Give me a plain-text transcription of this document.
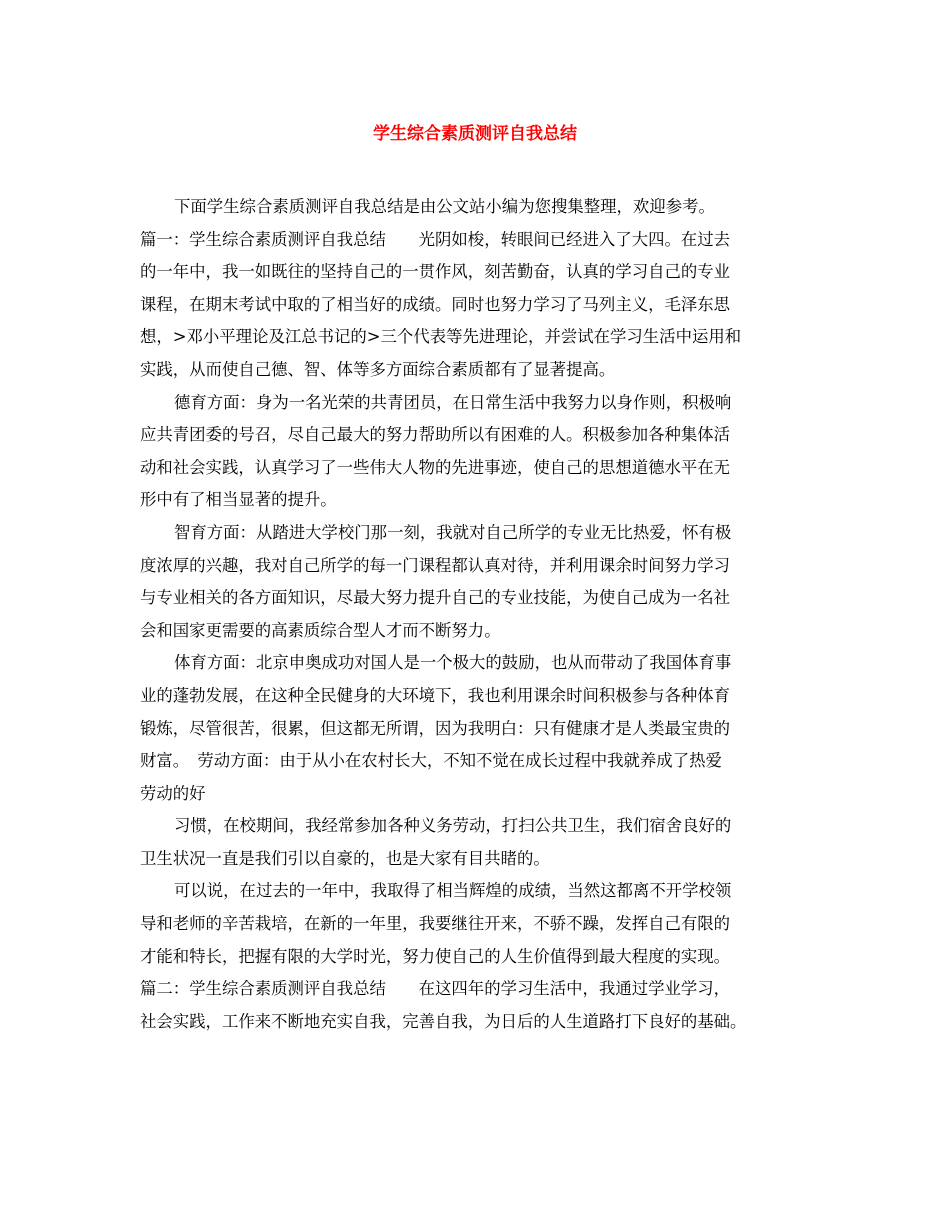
学生综合素质测评自我总结
下面学生综合素质测评自我总结是由公文站小编为您搜集整理，欢迎参考。
篇一：学生综合素质测评自我总结　　光阴如梭，转眼间已经进入了大四。在过去
的一年中，我一如既往的坚持自己的一贯作风，刻苦勤奋，认真的学习自己的专业
课程，在期末考试中取的了相当好的成绩。同时也努力学习了马列主义，毛泽东思
想，>邓小平理论及江总书记的>三个代表等先进理论，并尝试在学习生活中运用和
实践，从而使自己德、智、体等多方面综合素质都有了显著提高。
德育方面：身为一名光荣的共青团员，在日常生活中我努力以身作则，积极响
应共青团委的号召，尽自己最大的努力帮助所以有困难的人。积极参加各种集体活
动和社会实践，认真学习了一些伟大人物的先进事迹，使自己的思想道德水平在无
形中有了相当显著的提升。
智育方面：从踏进大学校门那一刻，我就对自己所学的专业无比热爱，怀有极
度浓厚的兴趣，我对自己所学的每一门课程都认真对待，并利用课余时间努力学习
与专业相关的各方面知识，尽最大努力提升自己的专业技能，为使自己成为一名社
会和国家更需要的高素质综合型人才而不断努力。
体育方面：北京申奥成功对国人是一个极大的鼓励，也从而带动了我国体育事
业的蓬勃发展，在这种全民健身的大环境下，我也利用课余时间积极参与各种体育
锻炼，尽管很苦，很累，但这都无所谓，因为我明白：只有健康才是人类最宝贵的
财富。　劳动方面：由于从小在农村长大，不知不觉在成长过程中我就养成了热爱
劳动的好
习惯，在校期间，我经常参加各种义务劳动，打扫公共卫生，我们宿舍良好的
卫生状况一直是我们引以自豪的，也是大家有目共睹的。
可以说，在过去的一年中，我取得了相当辉煌的成绩，当然这都离不开学校领
导和老师的辛苦栽培，在新的一年里，我要继往开来，不骄不躁，发挥自己有限的
才能和特长，把握有限的大学时光，努力使自己的人生价值得到最大程度的实现。
篇二：学生综合素质测评自我总结　　在这四年的学习生活中，我通过学业学习，
社会实践，工作来不断地充实自我，完善自我，为日后的人生道路打下良好的基础。
